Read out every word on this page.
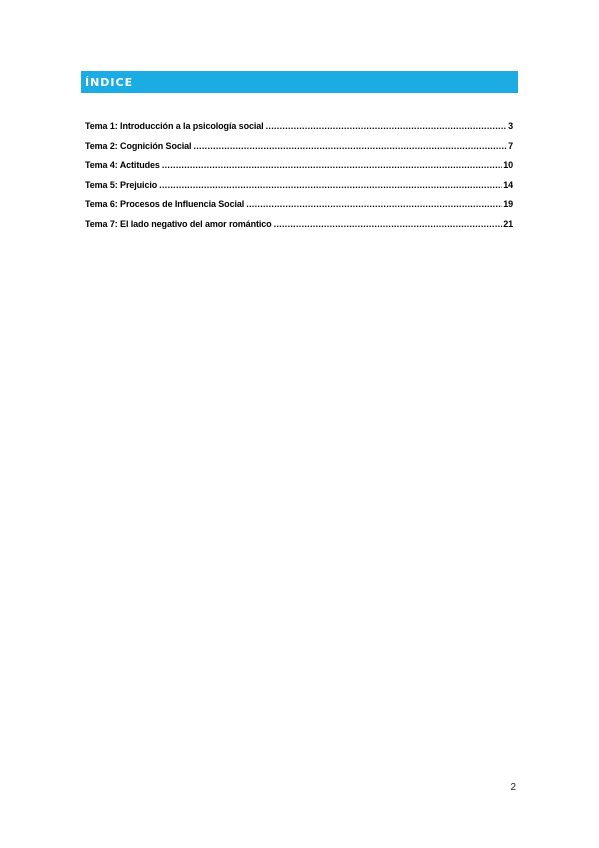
ÍNDICE
Tema 1: Introducción a la psicología social .....	3
Tema 2: Cognición Social .....	7
Tema 4: Actitudes .....	10
Tema 5: Prejuicio .....	14
Tema 6: Procesos de Influencia Social .....	19
Tema 7: El lado negativo del amor romántico .....	21
2
